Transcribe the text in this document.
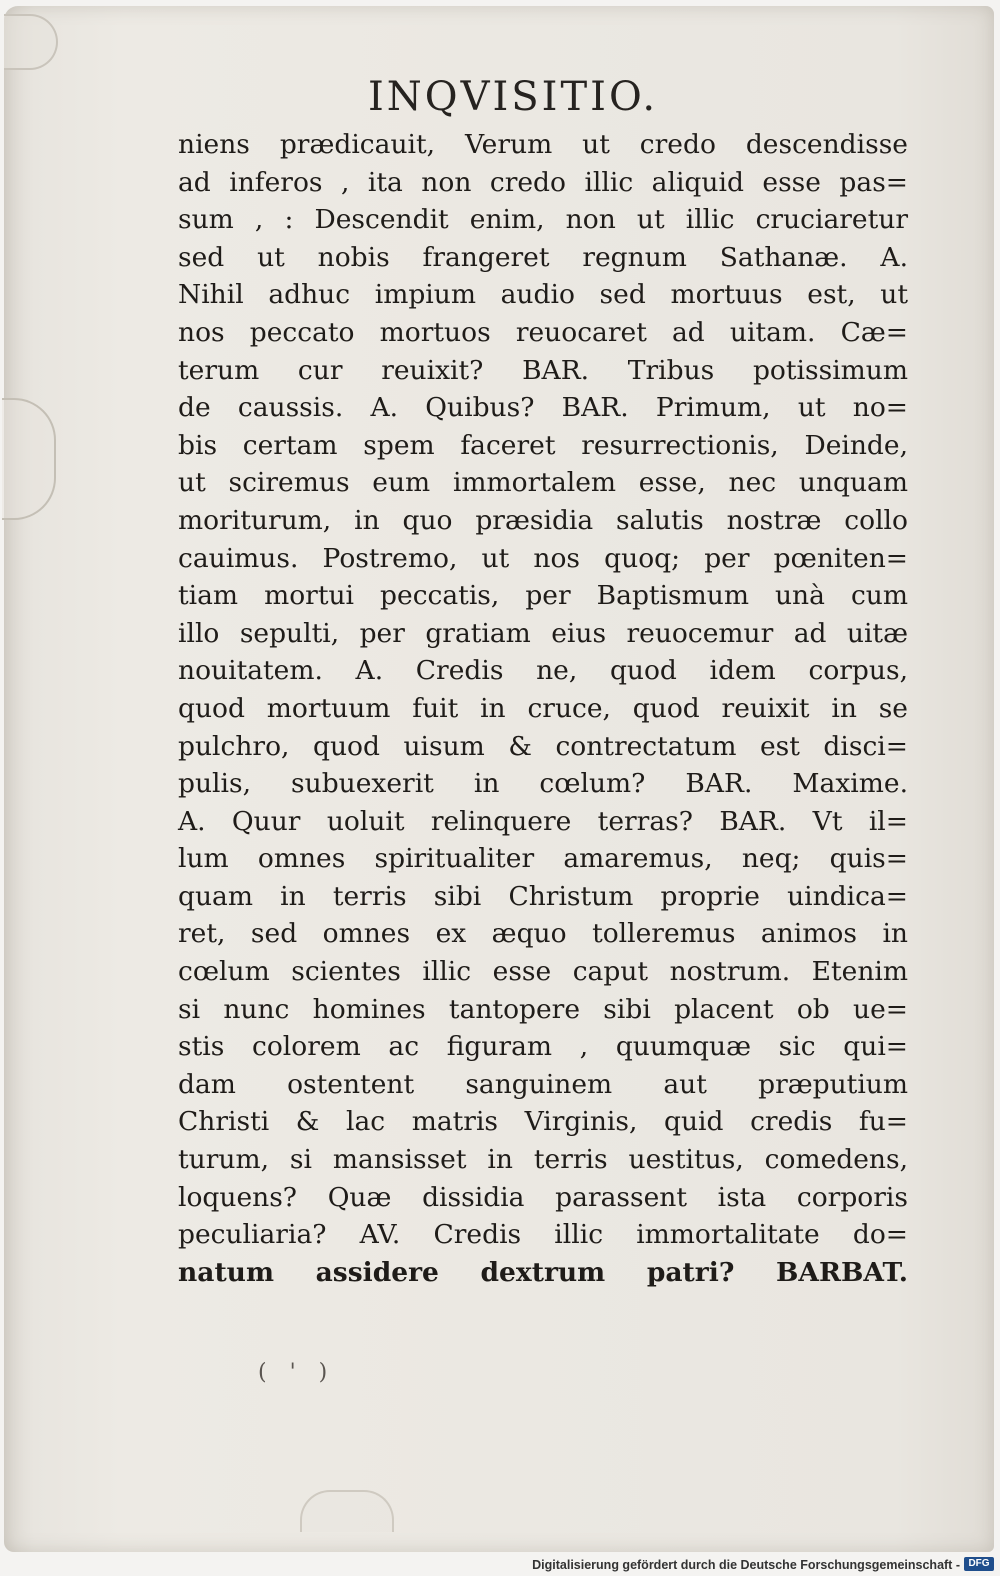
INQVISITIO.
niens prædicauit, Verum ut credo descendisse
ad inferos , ita non credo illic aliquid esse pas=
sum , : Descendit enim, non ut illic cruciaretur
sed ut nobis frangeret regnum Sathanæ. A.
Nihil adhuc impium audio sed mortuus est, ut
nos peccato mortuos reuocaret ad uitam. Cæ=
terum cur reuixit? BAR. Tribus potissimum
de caussis. A. Quibus? BAR. Primum, ut no=
bis certam spem faceret resurrectionis, Deinde,
ut sciremus eum immortalem esse, nec unquam
moriturum, in quo præsidia salutis nostræ collo
cauimus. Postremo, ut nos quoq; per pœniten=
tiam mortui peccatis, per Baptismum unà cum
illo sepulti, per gratiam eius reuocemur ad uitæ
nouitatem. A. Credis ne, quod idem corpus,
quod mortuum fuit in cruce, quod reuixit in se
pulchro, quod uisum & contrectatum est disci=
pulis, subuexerit in cœlum? BAR. Maxime.
A. Quur uoluit relinquere terras? BAR. Vt il=
lum omnes spiritualiter amaremus, neq; quis=
quam in terris sibi Christum proprie uindica=
ret, sed omnes ex æquo tolleremus animos in
cœlum scientes illic esse caput nostrum. Etenim
si nunc homines tantopere sibi placent ob ue=
stis colorem ac figuram , quumquæ sic qui=
dam ostentent sanguinem aut præputium
Christi & lac matris Virginis, quid credis fu=
turum, si mansisset in terris uestitus, comedens,
loquens? Quæ dissidia parassent ista corporis
peculiaria? AV. Credis illic immortalitate do=
natum assidere dextrum patri? BARBAT.
( ' )
Digitalisierung gefördert durch die Deutsche Forschungsgemeinschaft - DFG
